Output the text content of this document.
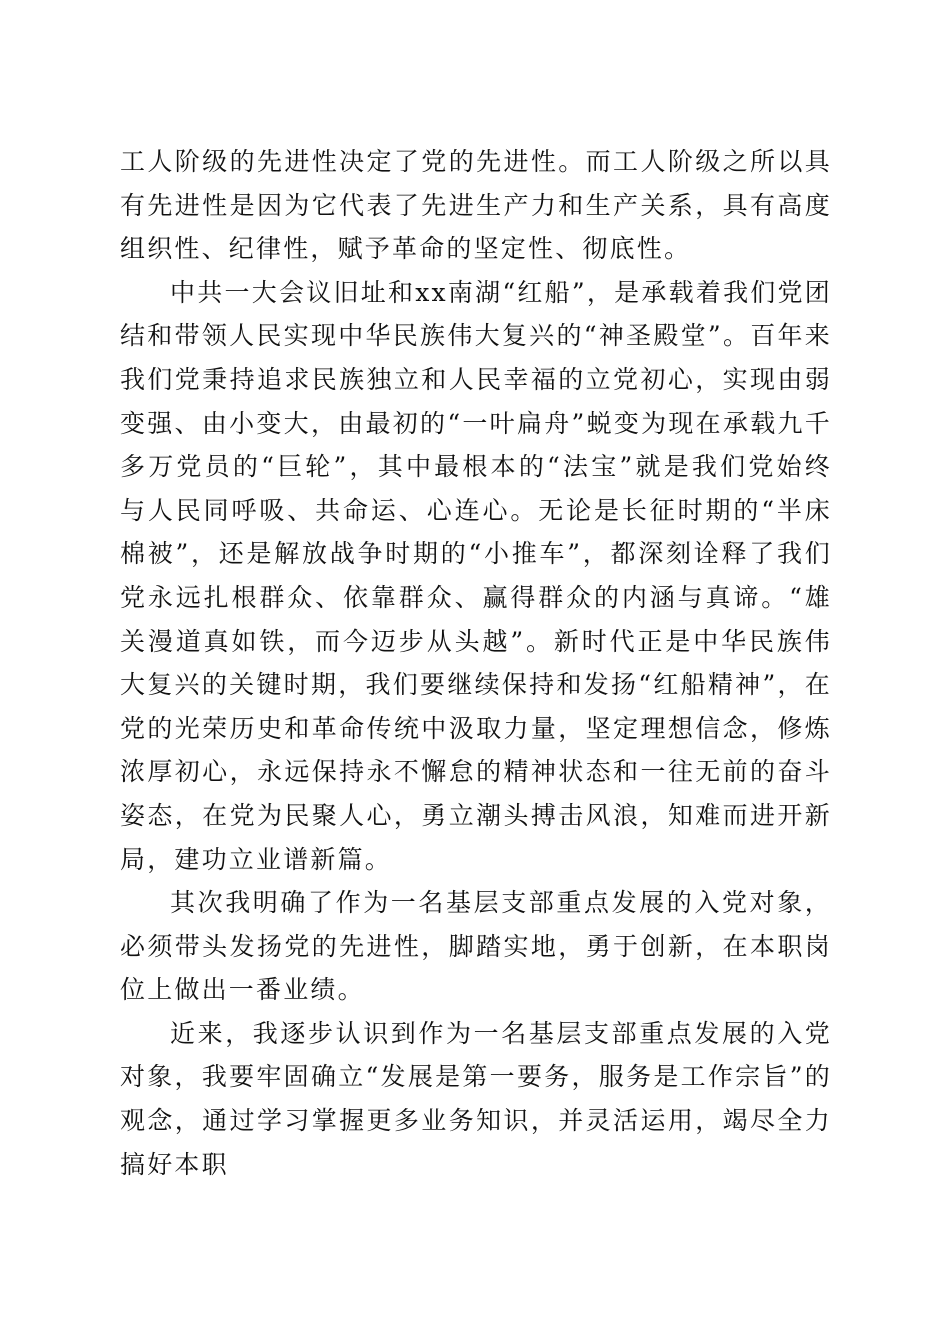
工人阶级的先进性决定了党的先进性。而工人阶级之所以具有先进性是因为它代表了先进生产力和生产关系，具有高度组织性、纪律性，赋予革命的坚定性、彻底性。

中共一大会议旧址和xx南湖“红船”，是承载着我们党团结和带领人民实现中华民族伟大复兴的“神圣殿堂”。百年来我们党秉持追求民族独立和人民幸福的立党初心，实现由弱变强、由小变大，由最初的“一叶扁舟”蜕变为现在承载九千多万党员的“巨轮”，其中最根本的“法宝”就是我们党始终与人民同呼吸、共命运、心连心。无论是长征时期的“半床棉被”，还是解放战争时期的“小推车”，都深刻诠释了我们党永远扎根群众、依靠群众、赢得群众的内涵与真谛。“雄关漫道真如铁，而今迈步从头越”。新时代正是中华民族伟大复兴的关键时期，我们要继续保持和发扬“红船精神”，在党的光荣历史和革命传统中汲取力量，坚定理想信念，修炼浓厚初心，永远保持永不懈怠的精神状态和一往无前的奋斗姿态，在党为民聚人心，勇立潮头搏击风浪，知难而进开新局，建功立业谱新篇。

其次我明确了作为一名基层支部重点发展的入党对象，必须带头发扬党的先进性，脚踏实地，勇于创新，在本职岗位上做出一番业绩。

近来，我逐步认识到作为一名基层支部重点发展的入党对象，我要牢固确立“发展是第一要务，服务是工作宗旨”的观念，通过学习掌握更多业务知识，并灵活运用，竭尽全力搞好本职
